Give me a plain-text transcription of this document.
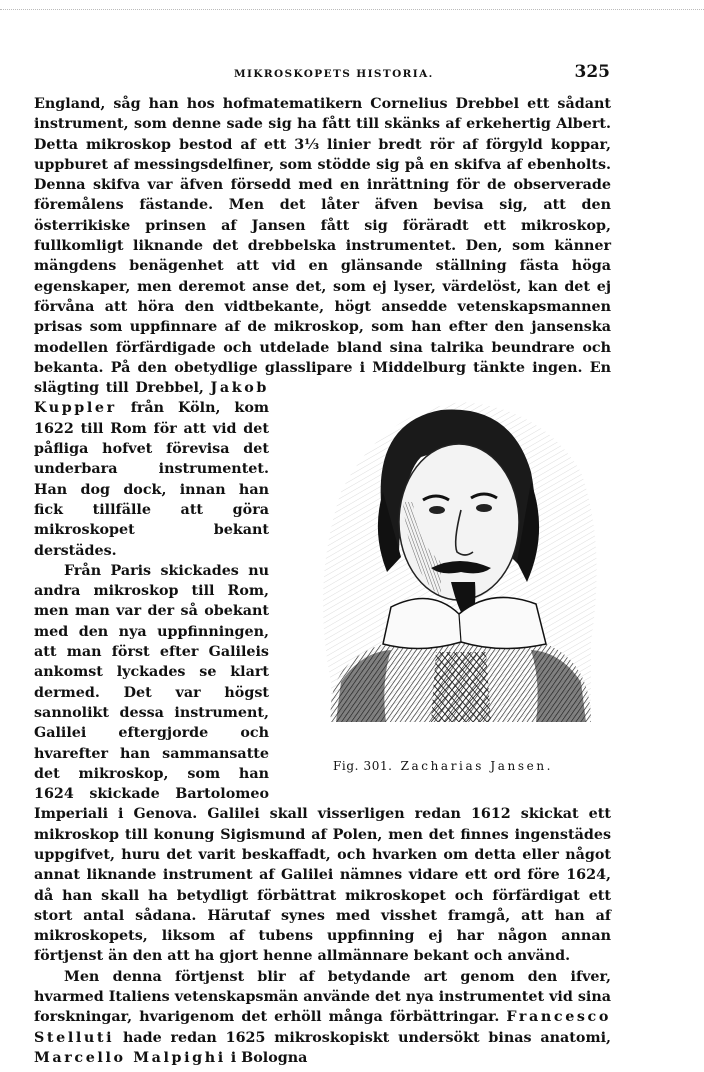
MIKROSKOPETS HISTORIA.	325

England, såg han hos hofmatematikern Cornelius Drebbel ett sådant instrument, som denne sade sig ha fått till skänks af erkehertig Albert. Detta mikroskop bestod af ett 3⅓ linier bredt rör af förgyld koppar, uppburet af messingsdelfiner, som stödde sig på en skifva af ebenholts. Denna skifva var äfven försedd med en inrättning för de observerade föremålens fästande. Men det låter äfven bevisa sig, att den österrikiske prinsen af Jansen fått sig föräradt ett mikroskop, fullkomligt liknande det drebbelska instrumentet. Den, som känner mängdens benägenhet att vid en glänsande ställning fästa höga egenskaper, men deremot anse det, som ej lyser, värdelöst, kan det ej förvåna att höra den vidtbekante, högt ansedde vetenskapsmannen prisas som uppfinnare af de mikroskop, som han efter den jansenska modellen förfärdigade och utdelade bland sina talrika beundrare och bekanta. På den obetydlige glasslipare i Middelburg tänkte ingen. En slägting till Drebbel,
Fig. 301. Zacharias Jansen.
Jakob Kuppler från Köln, kom 1622 till Rom för att vid det påfliga hofvet förevisa det underbara instrumentet. Han dog dock, innan han fick tillfälle att göra mikroskopet bekant derstädes.

Från Paris skickades nu andra mikroskop till Rom, men man var der så obekant med den nya uppfinningen, att man först efter Galileis ankomst lyckades se klart dermed. Det var högst sannolikt dessa instrument, Galilei eftergjorde och hvarefter han sammansatte det mikroskop, som han 1624 skickade Bartolomeo Imperiali i Genova. Galilei skall visserligen redan 1612 skickat ett mikroskop till konung Sigismund af Polen, men det finnes ingenstädes uppgifvet, huru det varit beskaffadt, och hvarken om detta eller något annat liknande instrument af Galilei nämnes vidare ett ord före 1624, då han skall ha betydligt förbättrat mikroskopet och förfärdigat ett stort antal sådana. Härutaf synes med visshet framgå, att han af mikroskopets, liksom af tubens uppfinning ej har någon annan förtjenst än den att ha gjort henne allmännare bekant och använd.

Men denna förtjenst blir af betydande art genom den ifver, hvarmed Italiens vetenskapsmän använde det nya instrumentet vid sina forskningar, hvarigenom det erhöll många förbättringar. Francesco Stelluti hade redan 1625 mikroskopiskt undersökt binas anatomi, Marcello Malpighi i Bologna
